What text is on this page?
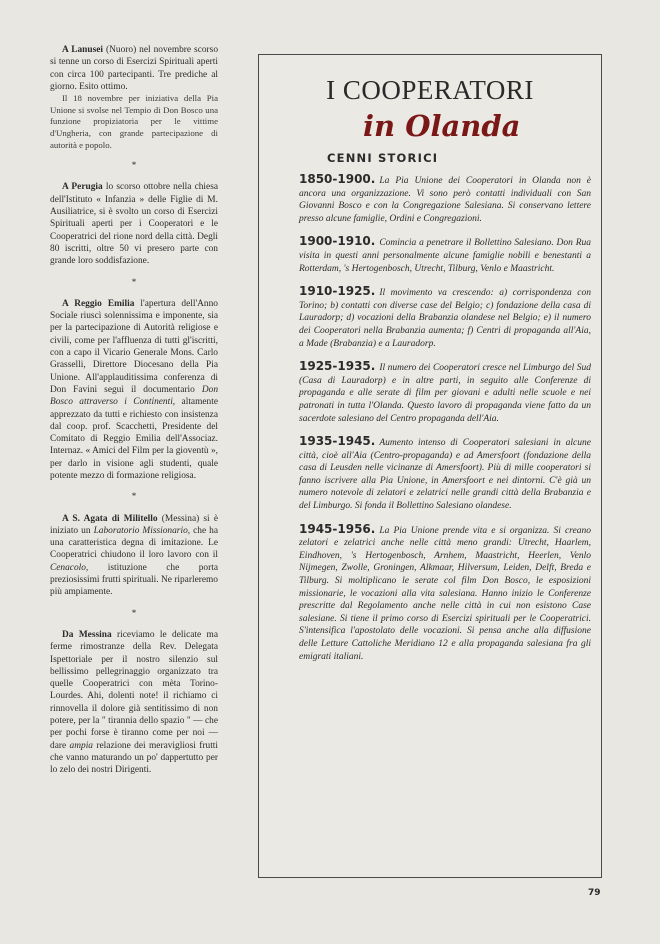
A Lanusei (Nuoro) nel novembre scorso si tenne un corso di Esercizi Spirituali aperti con circa 100 partecipanti. Tre prediche al giorno. Esito ottimo.

Il 18 novembre per iniziativa della Pia Unione si svolse nel Tempio di Don Bosco una funzione propiziatoria per le vittime d'Ungheria, con grande partecipazione di autorità e popolo.

*

A Perugia lo scorso ottobre nella chiesa dell'Istituto « Infanzia » delle Figlie di M. Ausiliatrice, si è svolto un corso di Esercizi Spirituali aperti per i Cooperatori e le Cooperatrici del rione nord della città. Degli 80 iscritti, oltre 50 vi presero parte con grande loro soddisfazione.

*

A Reggio Emilia l'apertura dell'Anno Sociale riuscì solennissima e imponente, sia per la partecipazione di Autorità religiose e civili, come per l'affluenza di tutti gl'iscritti, con a capo il Vicario Generale Mons. Carlo Grasselli, Direttore Diocesano della Pia Unione. All'applauditissima conferenza di Don Favini seguì il documentario Don Bosco attraverso i Continenti, altamente apprezzato da tutti e richiesto con insistenza dal coop. prof. Scacchetti, Presidente del Comitato di Reggio Emilia dell'Associaz. Internaz. « Amici del Film per la gioventù », per darlo in visione agli studenti, quale potente mezzo di formazione religiosa.

*

A S. Agata di Militello (Messina) si è iniziato un Laboratorio Missionario, che ha una caratteristica degna di imitazione. Le Cooperatrici chiudono il loro lavoro con il Cenacolo, istituzione che porta preziosissimi frutti spirituali. Ne riparleremo più ampiamente.

*

Da Messina riceviamo le delicate ma ferme rimostranze della Rev. Delegata Ispettoriale per il nostro silenzio sul bellissimo pellegrinaggio organizzato tra quelle Cooperatrici con mèta Torino-Lourdes. Ahi, dolenti note! il richiamo ci rinnovella il dolore già sentitissimo di non potere, per la " tirannia dello spazio " — che per pochi forse è tiranno come per noi — dare ampia relazione dei meravigliosi frutti che vanno maturando un po' dappertutto per lo zelo dei nostri Dirigenti.

I COOPERATORI
in Olanda
CENNI STORICI
1850-1900. La Pia Unione dei Cooperatori in Olanda non è ancora una organizzazione. Vi sono però contatti individuali con San Giovanni Bosco e con la Congregazione Salesiana. Si conservano lettere presso alcune famiglie, Ordini e Congregazioni.
1900-1910. Comincia a penetrare il Bollettino Salesiano. Don Rua visita in questi anni personalmente alcune famiglie nobili e benestanti a Rotterdam, 's Hertogenbosch, Utrecht, Tilburg, Venlo e Maastricht.
1910-1925. Il movimento va crescendo: a) corrispondenza con Torino; b) contatti con diverse case del Belgio; c) fondazione della casa di Lauradorp; d) vocazioni della Brabanzia olandese nel Belgio; e) il numero dei Cooperatori nella Brabanzia aumenta; f) Centri di propaganda all'Aia, a Made (Brabanzia) e a Lauradorp.
1925-1935. Il numero dei Cooperatori cresce nel Limburgo del Sud (Casa di Lauradorp) e in altre parti, in seguito alle Conferenze di propaganda e alle serate di film per giovani e adulti nelle scuole e nei patronati in tutta l'Olanda. Questo lavoro di propaganda viene fatto da un sacerdote salesiano del Centro propaganda dell'Aia.
1935-1945. Aumento intenso di Cooperatori salesiani in alcune città, cioè all'Aia (Centro-propaganda) e ad Amersfoort (fondazione della casa di Leusden nelle vicinanze di Amersfoort). Più di mille cooperatori si fanno iscrivere alla Pia Unione, in Amersfoort e nei dintorni. C'è già un numero notevole di zelatori e zelatrici nelle grandi città della Brabanzia e del Limburgo. Si fonda il Bollettino Salesiano olandese.
1945-1956. La Pia Unione prende vita e si organizza. Si creano zelatori e zelatrici anche nelle città meno grandi: Utrecht, Haarlem, Eindhoven, 's Hertogenbosch, Arnhem, Maastricht, Heerlen, Venlo Nijmegen, Zwolle, Groningen, Alkmaar, Hilversum, Leiden, Delft, Breda e Tilburg. Si moltiplicano le serate col film Don Bosco, le esposizioni missionarie, le vocazioni alla vita salesiana. Hanno inizio le Conferenze prescritte dal Regolamento anche nelle città in cui non esistono Case salesiane. Si tiene il primo corso di Esercizi spirituali per le Cooperatrici. S'intensifica l'apostolato delle vocazioni. Si pensa anche alla diffusione delle Letture Cattoliche Meridiano 12 e alla propaganda salesiana fra gli emigrati italiani.
79
